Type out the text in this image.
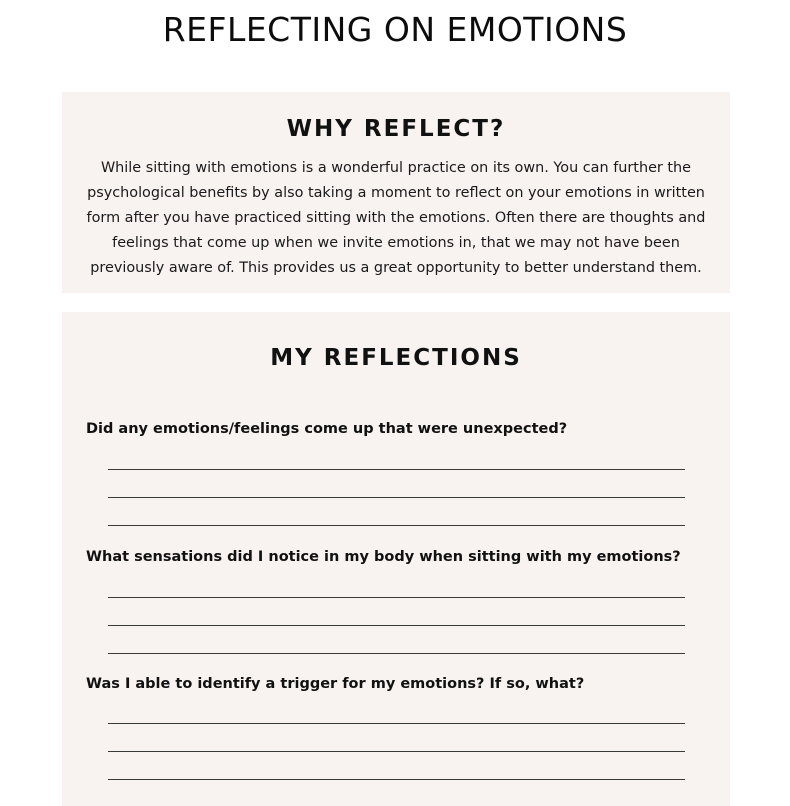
REFLECTING ON EMOTIONS
WHY REFLECT?

While sitting with emotions is a wonderful practice on its own. You can further the psychological benefits by also taking a moment to reflect on your emotions in written form after you have practiced sitting with the emotions. Often there are thoughts and feelings that come up when we invite emotions in, that we may not have been previously aware of. This provides us a great opportunity to better understand them.

MY REFLECTIONS

Did any emotions/feelings come up that were unexpected?

What sensations did I notice in my body when sitting with my emotions?

Was I able to identify a trigger for my emotions? If so, what?
